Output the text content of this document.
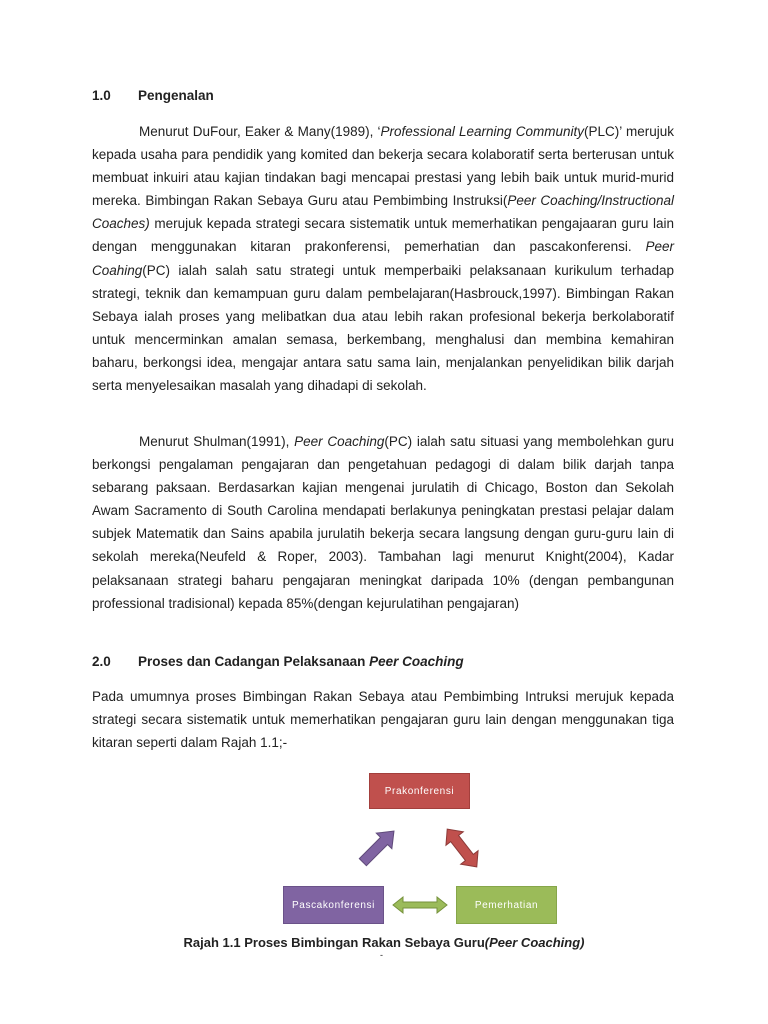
1.0 Pengenalan

Menurut DuFour, Eaker & Many(1989), ‘Professional Learning Community(PLC)’ merujuk kepada usaha para pendidik yang komited dan bekerja secara kolaboratif serta berterusan untuk membuat inkuiri atau kajian tindakan bagi mencapai prestasi yang lebih baik untuk murid-murid mereka. Bimbingan Rakan Sebaya Guru atau Pembimbing Instruksi(Peer Coaching/Instructional Coaches) merujuk kepada strategi secara sistematik untuk memerhatikan pengajaaran guru lain dengan menggunakan kitaran prakonferensi, pemerhatian dan pascakonferensi. Peer Coahing(PC) ialah salah satu strategi untuk memperbaiki pelaksanaan kurikulum terhadap strategi, teknik dan kemampuan guru dalam pembelajaran(Hasbrouck,1997). Bimbingan Rakan Sebaya ialah proses yang melibatkan dua atau lebih rakan profesional bekerja berkolaboratif untuk mencerminkan amalan semasa, berkembang, menghalusi dan membina kemahiran baharu, berkongsi idea, mengajar antara satu sama lain, menjalankan penyelidikan bilik darjah serta menyelesaikan masalah yang dihadapi di sekolah.

Menurut Shulman(1991), Peer Coaching(PC) ialah satu situasi yang membolehkan guru berkongsi pengalaman pengajaran dan pengetahuan pedagogi di dalam bilik darjah tanpa sebarang paksaan. Berdasarkan kajian mengenai jurulatih di Chicago, Boston dan Sekolah Awam Sacramento di South Carolina mendapati berlakunya peningkatan prestasi pelajar dalam subjek Matematik dan Sains apabila jurulatih bekerja secara langsung dengan guru-guru lain di sekolah mereka(Neufeld & Roper, 2003). Tambahan lagi menurut Knight(2004), Kadar pelaksanaan strategi baharu pengajaran meningkat daripada 10% (dengan pembangunan professional tradisional) kepada 85%(dengan kejurulatihan pengajaran)

2.0 Proses dan Cadangan Pelaksanaan Peer Coaching

Pada umumnya proses Bimbingan Rakan Sebaya atau Pembimbing Intruksi merujuk kepada strategi secara sistematik untuk memerhatikan pengajaran guru lain dengan menggunakan tiga kitaran seperti dalam Rajah 1.1;-

Prakonferensi
Pascakonferensi	Pemerhatian
Rajah 1.1 Proses Bimbingan Rakan Sebaya Guru(Peer Coaching)
-
